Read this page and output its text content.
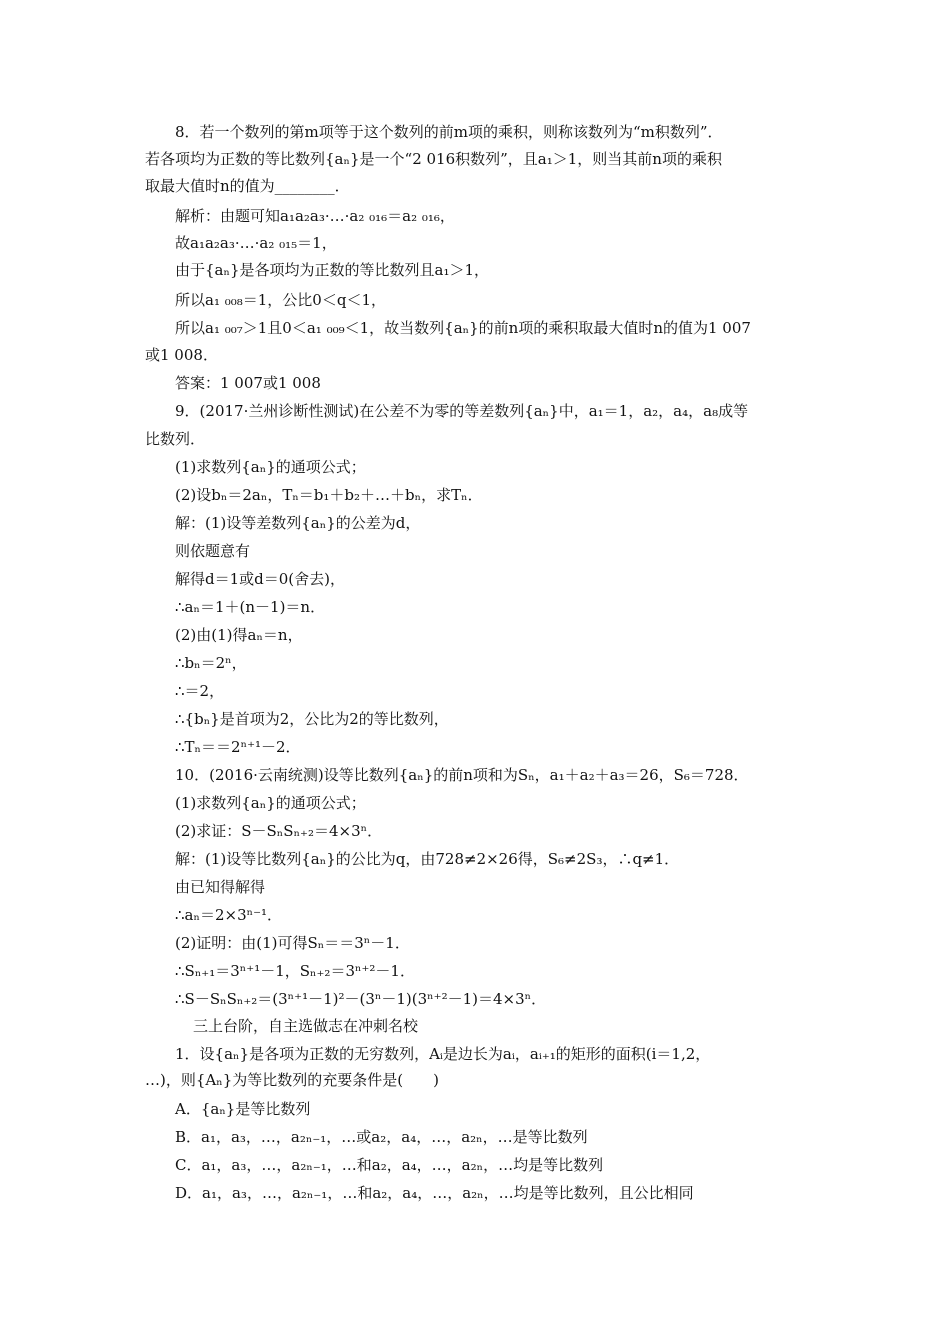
8．若一个数列的第m项等于这个数列的前m项的乘积，则称该数列为“m积数列”．
若各项均为正数的等比数列{aₙ}是一个“2 016积数列”，且a₁＞1，则当其前n项的乘积
取最大值时n的值为________．
解析：由题可知a₁a₂a₃·…·a₂ ₀₁₆＝a₂ ₀₁₆，
故a₁a₂a₃·…·a₂ ₀₁₅＝1，
由于{aₙ}是各项均为正数的等比数列且a₁＞1，
所以a₁ ₀₀₈＝1，公比0＜q＜1，
所以a₁ ₀₀₇＞1且0＜a₁ ₀₀₉＜1，故当数列{aₙ}的前n项的乘积取最大值时n的值为1 007
或1 008．
答案：1 007或1 008
9．(2017·兰州诊断性测试)在公差不为零的等差数列{aₙ}中，a₁＝1，a₂，a₄，a₈成等
比数列．
(1)求数列{aₙ}的通项公式；
(2)设bₙ＝2aₙ，Tₙ＝b₁＋b₂＋…＋bₙ，求Tₙ．
解：(1)设等差数列{aₙ}的公差为d，
则依题意有
解得d＝1或d＝0(舍去)，
∴aₙ＝1＋(n－1)＝n．
(2)由(1)得aₙ＝n，
∴bₙ＝2ⁿ，
∴＝2，
∴{bₙ}是首项为2，公比为2的等比数列，
∴Tₙ＝＝2ⁿ⁺¹－2．
10．(2016·云南统测)设等比数列{aₙ}的前n项和为Sₙ，a₁＋a₂＋a₃＝26，S₆＝728．
(1)求数列{aₙ}的通项公式；
(2)求证：S－SₙSₙ₊₂＝4×3ⁿ．
解：(1)设等比数列{aₙ}的公比为q，由728≠2×26得，S₆≠2S₃，∴q≠1．
由已知得解得
∴aₙ＝2×3ⁿ⁻¹．
(2)证明：由(1)可得Sₙ＝＝3ⁿ－1．
∴Sₙ₊₁＝3ⁿ⁺¹－1，Sₙ₊₂＝3ⁿ⁺²－1．
∴S－SₙSₙ₊₂＝(3ⁿ⁺¹－1)²－(3ⁿ－1)(3ⁿ⁺²－1)＝4×3ⁿ．
三上台阶，自主选做志在冲刺名校
1．设{aₙ}是各项为正数的无穷数列，Aᵢ是边长为aᵢ，aᵢ₊₁的矩形的面积(i＝1,2，
…)，则{Aₙ}为等比数列的充要条件是(　　)
A．{aₙ}是等比数列
B．a₁，a₃，…，a₂ₙ₋₁，…或a₂，a₄，…，a₂ₙ，…是等比数列
C．a₁，a₃，…，a₂ₙ₋₁，…和a₂，a₄，…，a₂ₙ，…均是等比数列
D．a₁，a₃，…，a₂ₙ₋₁，…和a₂，a₄，…，a₂ₙ，…均是等比数列，且公比相同
